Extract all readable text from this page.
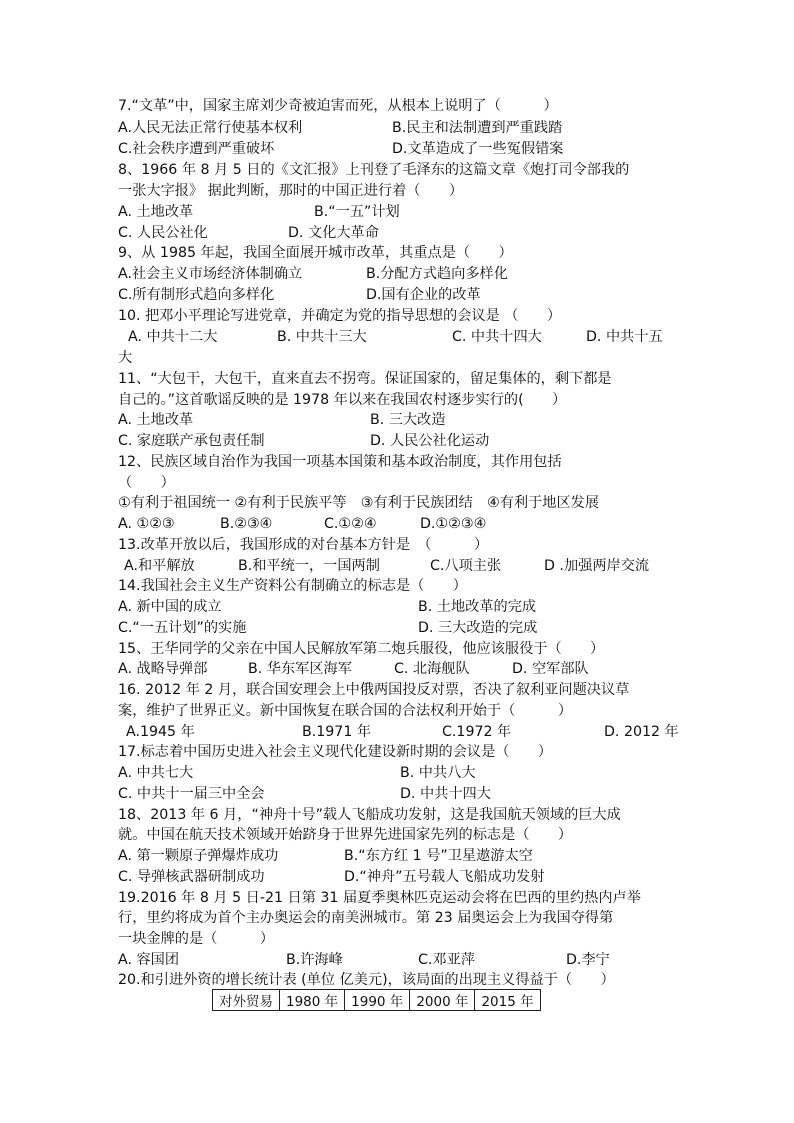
7.“文革”中，国家主席刘少奇被迫害而死，从根本上说明了（　　　）
A.人民无法正常行使基本权利	B.民主和法制遭到严重践踏
C.社会秩序遭到严重破坏	D.文革造成了一些冤假错案
8、1966 年 8 月 5 日的《文汇报》上刊登了毛泽东的这篇文章《炮打司令部我的
一张大字报》 据此判断，那时的中国正进行着（　　）
A. 土地改革	B.“一五”计划
C. 人民公社化	D. 文化大革命
9、从 1985 年起，我国全面展开城市改革，其重点是（　　）
A.社会主义市场经济体制确立	B.分配方式趋向多样化
C.所有制形式趋向多样化	D.国有企业的改革
10. 把邓小平理论写进党章，并确定为党的指导思想的会议是 （　　）
A. 中共十二大	B. 中共十三大	C. 中共十四大	D. 中共十五
大
11、“大包干，大包干，直来直去不拐弯。保证国家的，留足集体的，剩下都是
自己的。”这首歌谣反映的是 1978 年以来在我国农村逐步实行的(　　）
A. 土地改革	B. 三大改造
C. 家庭联产承包责任制	D. 人民公社化运动
12、民族区域自治作为我国一项基本国策和基本政治制度，其作用包括
（　　）
①有利于祖国统一 ②有利于民族平等　③有利于民族团结　④有利于地区发展
A. ①②③	B.②③④	C.①②④	D.①②③④
13.改革开放以后，我国形成的对台基本方针是　（　　　）
A.和平解放	B.和平统一，一国两制	C.八项主张	D .加强两岸交流
14.我国社会主义生产资料公有制确立的标志是（　　）
A. 新中国的成立	B. 土地改革的完成
C.“一五计划”的实施	D. 三大改造的完成
15、王华同学的父亲在中国人民解放军第二炮兵服役，他应该服役于（　　）
A. 战略导弹部	B. 华东军区海军	C. 北海舰队	D. 空军部队
16. 2012 年 2 月，联合国安理会上中俄两国投反对票，否决了叙利亚问题决议草
案，维护了世界正义。新中国恢复在联合国的合法权利开始于（　　　）
A.1945 年	B.1971 年	C.1972 年	D. 2012 年
17.标志着中国历史进入社会主义现代化建设新时期的会议是（　　）
A. 中共七大	B. 中共八大
C. 中共十一届三中全会	D. 中共十四大
18、2013 年 6 月，“神舟十号”载人飞船成功发射，这是我国航天领域的巨大成
就。中国在航天技术领域开始跻身于世界先进国家先列的标志是（　　）
A. 第一颗原子弹爆炸成功	B.“东方红 1 号”卫星遨游太空
C. 导弹核武器研制成功	D.“神舟”五号载人飞船成功发射
19.2016 年 8 月 5 日-21 日第 31 届夏季奥林匹克运动会将在巴西的里约热内卢举
行，里约将成为首个主办奥运会的南美洲城市。第 23 届奥运会上为我国夺得第
一块金牌的是（　　　）
A. 容国团	B.许海峰	C.邓亚萍	D.李宁
20.和引进外资的增长统计表 (单位 亿美元)，该局面的出现主义得益于（　　）
对外贸易	1980 年	1990 年	2000 年	2015 年
